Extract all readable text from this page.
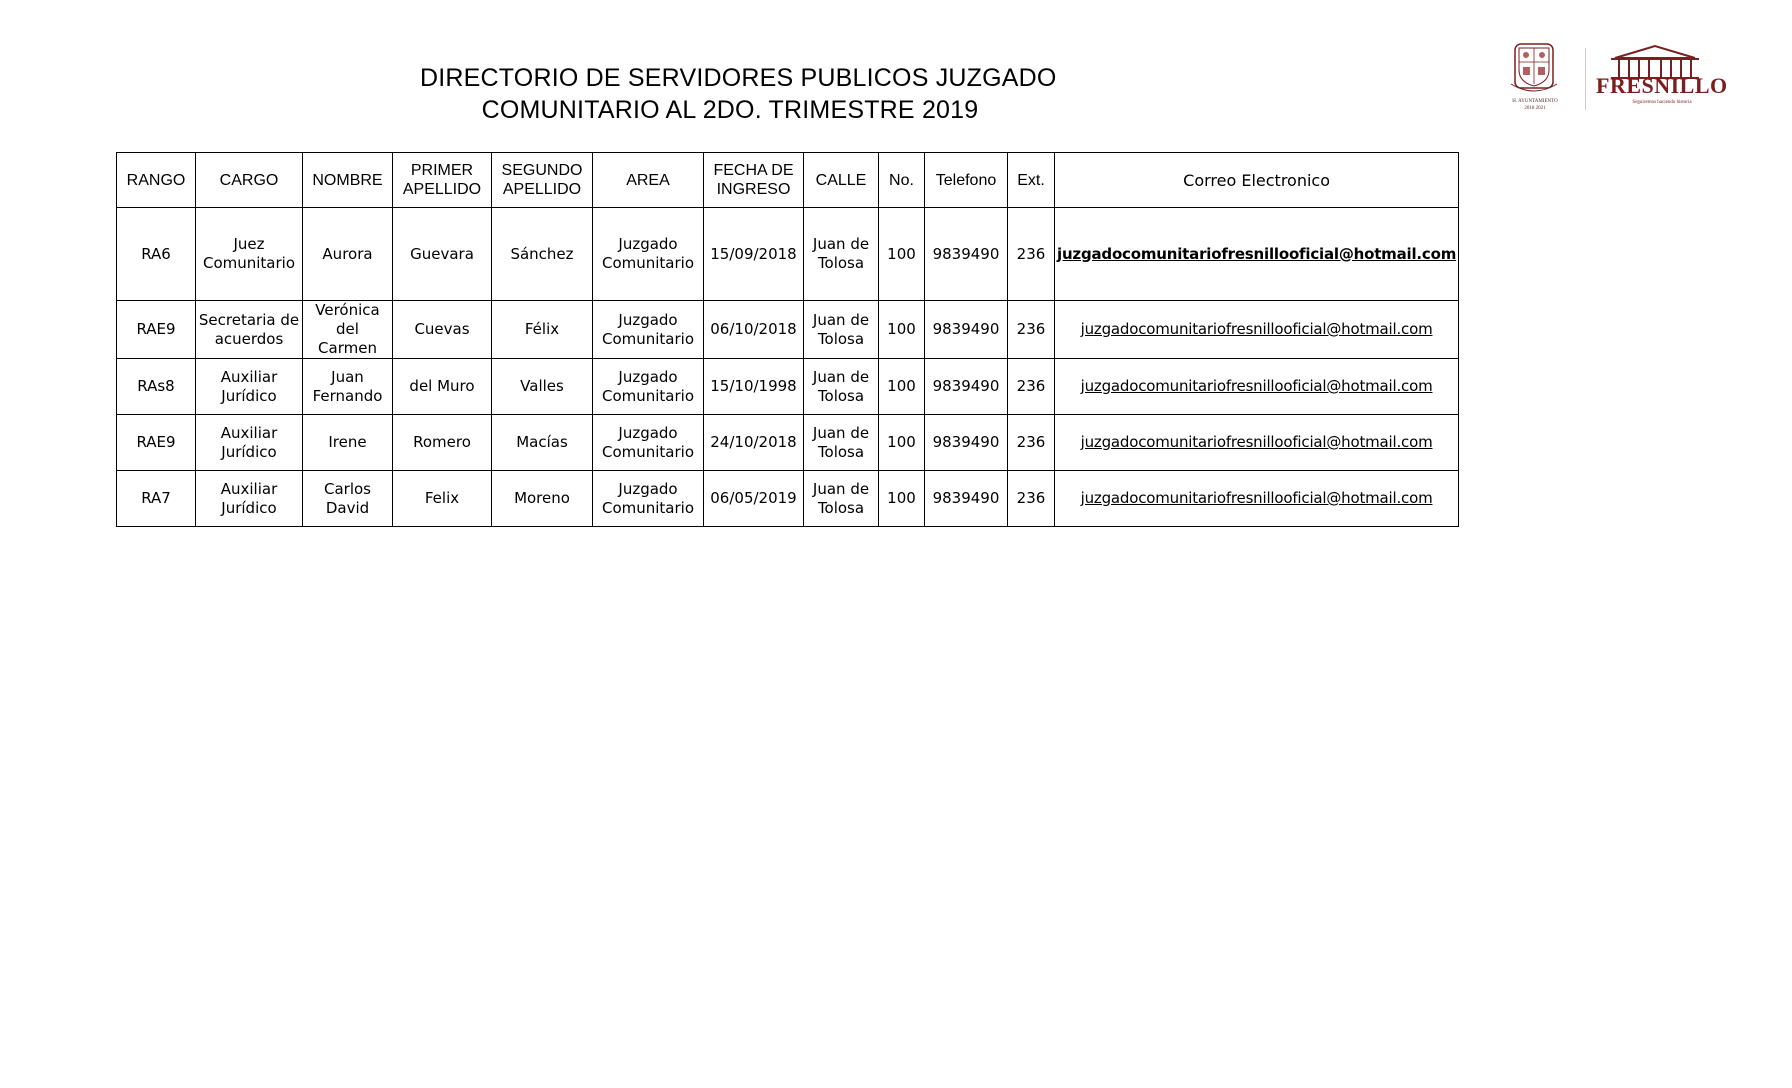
DIRECTORIO DE SERVIDORES PUBLICOS JUZGADO
COMUNITARIO AL 2DO. TRIMESTRE 2019	H. AYUNTAMIENTO
2018 2021
FRESNILLO
Seguiremos haciendo historia
RANGO	CARGO	NOMBRE	PRIMER APELLIDO	SEGUNDO APELLIDO	AREA	FECHA DE INGRESO	CALLE	No.	Telefono	Ext.	Correo Electronico
RA6	Juez Comunitario	Aurora	Guevara	Sánchez	Juzgado Comunitario	15/09/2018	Juan de Tolosa	100	9839490	236	juzgadocomunitariofresnillooficial@hotmail.com
RAE9	Secretaria de acuerdos	Verónica del Carmen	Cuevas	Félix	Juzgado Comunitario	06/10/2018	Juan de Tolosa	100	9839490	236	juzgadocomunitariofresnillooficial@hotmail.com
RAs8	Auxiliar Jurídico	Juan Fernando	del Muro	Valles	Juzgado Comunitario	15/10/1998	Juan de Tolosa	100	9839490	236	juzgadocomunitariofresnillooficial@hotmail.com
RAE9	Auxiliar Jurídico	Irene	Romero	Macías	Juzgado Comunitario	24/10/2018	Juan de Tolosa	100	9839490	236	juzgadocomunitariofresnillooficial@hotmail.com
RA7	Auxiliar Jurídico	Carlos David	Felix	Moreno	Juzgado Comunitario	06/05/2019	Juan de Tolosa	100	9839490	236	juzgadocomunitariofresnillooficial@hotmail.com
